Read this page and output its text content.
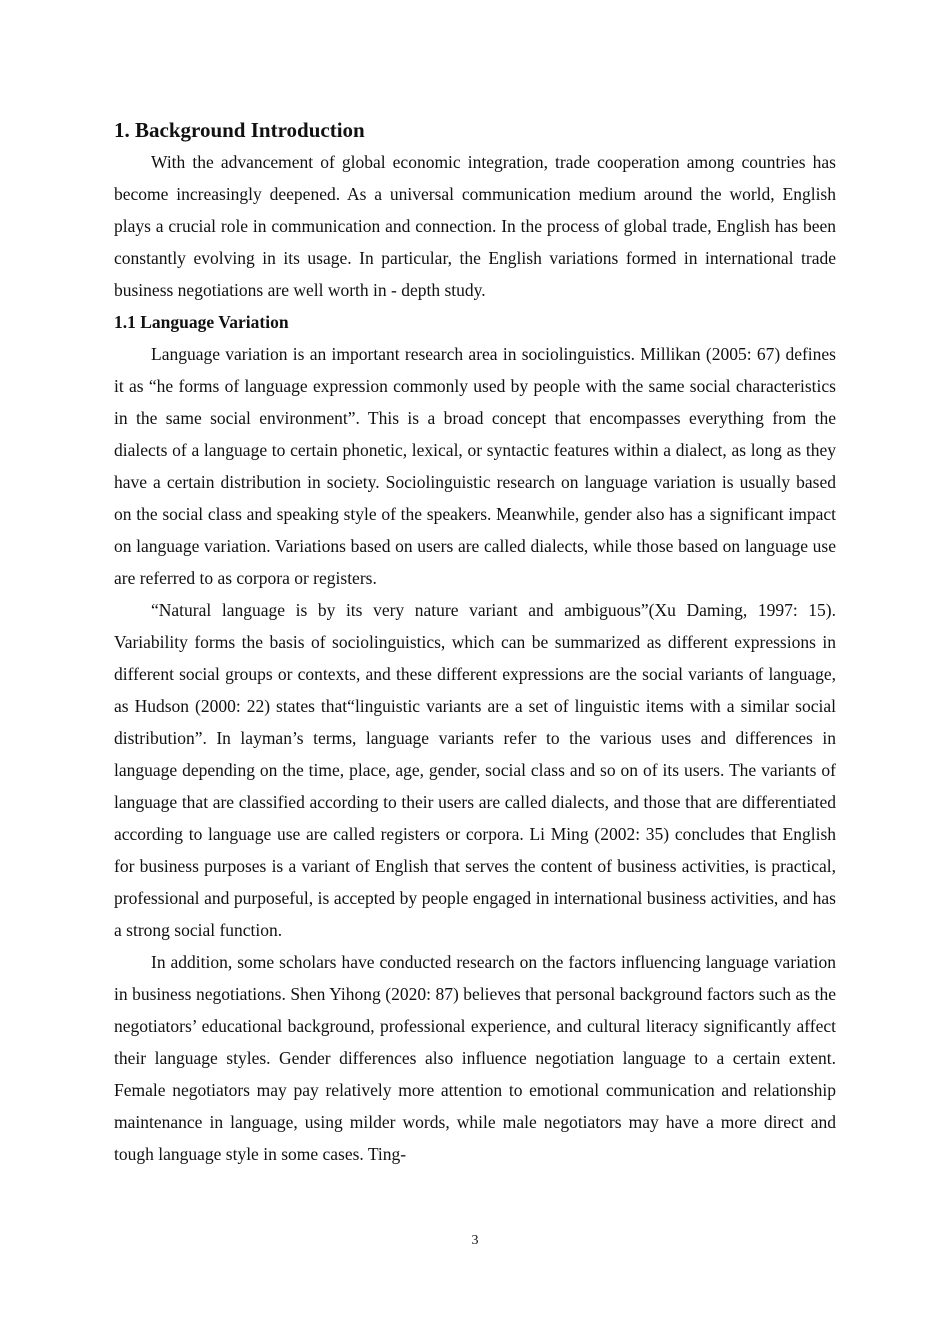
1. Background Introduction

With the advancement of global economic integration, trade cooperation among countries has become increasingly deepened. As a universal communication medium around the world, English plays a crucial role in communication and connection. In the process of global trade, English has been constantly evolving in its usage. In particular, the English variations formed in international trade business negotiations are well worth in - depth study.

1.1 Language Variation

Language variation is an important research area in sociolinguistics. Millikan (2005: 67) defines it as “he forms of language expression commonly used by people with the same social characteristics in the same social environment”. This is a broad concept that encompasses everything from the dialects of a language to certain phonetic, lexical, or syntactic features within a dialect, as long as they have a certain distribution in society. Sociolinguistic research on language variation is usually based on the social class and speaking style of the speakers. Meanwhile, gender also has a significant impact on language variation. Variations based on users are called dialects, while those based on language use are referred to as corpora or registers.

“Natural language is by its very nature variant and ambiguous”(Xu Daming, 1997: 15). Variability forms the basis of sociolinguistics, which can be summarized as different expressions in different social groups or contexts, and these different expressions are the social variants of language, as Hudson (2000: 22) states that“linguistic variants are a set of linguistic items with a similar social distribution”. In layman’s terms, language variants refer to the various uses and differences in language depending on the time, place, age, gender, social class and so on of its users. The variants of language that are classified according to their users are called dialects, and those that are differentiated according to language use are called registers or corpora. Li Ming (2002: 35) concludes that English for business purposes is a variant of English that serves the content of business activities, is practical, professional and purposeful, is accepted by people engaged in international business activities, and has a strong social function.

In addition, some scholars have conducted research on the factors influencing language variation in business negotiations. Shen Yihong (2020: 87) believes that personal background factors such as the negotiators’ educational background, professional experience, and cultural literacy significantly affect their language styles. Gender differences also influence negotiation language to a certain extent. Female negotiators may pay relatively more attention to emotional communication and relationship maintenance in language, using milder words, while male negotiators may have a more direct and tough language style in some cases. Ting-

3
